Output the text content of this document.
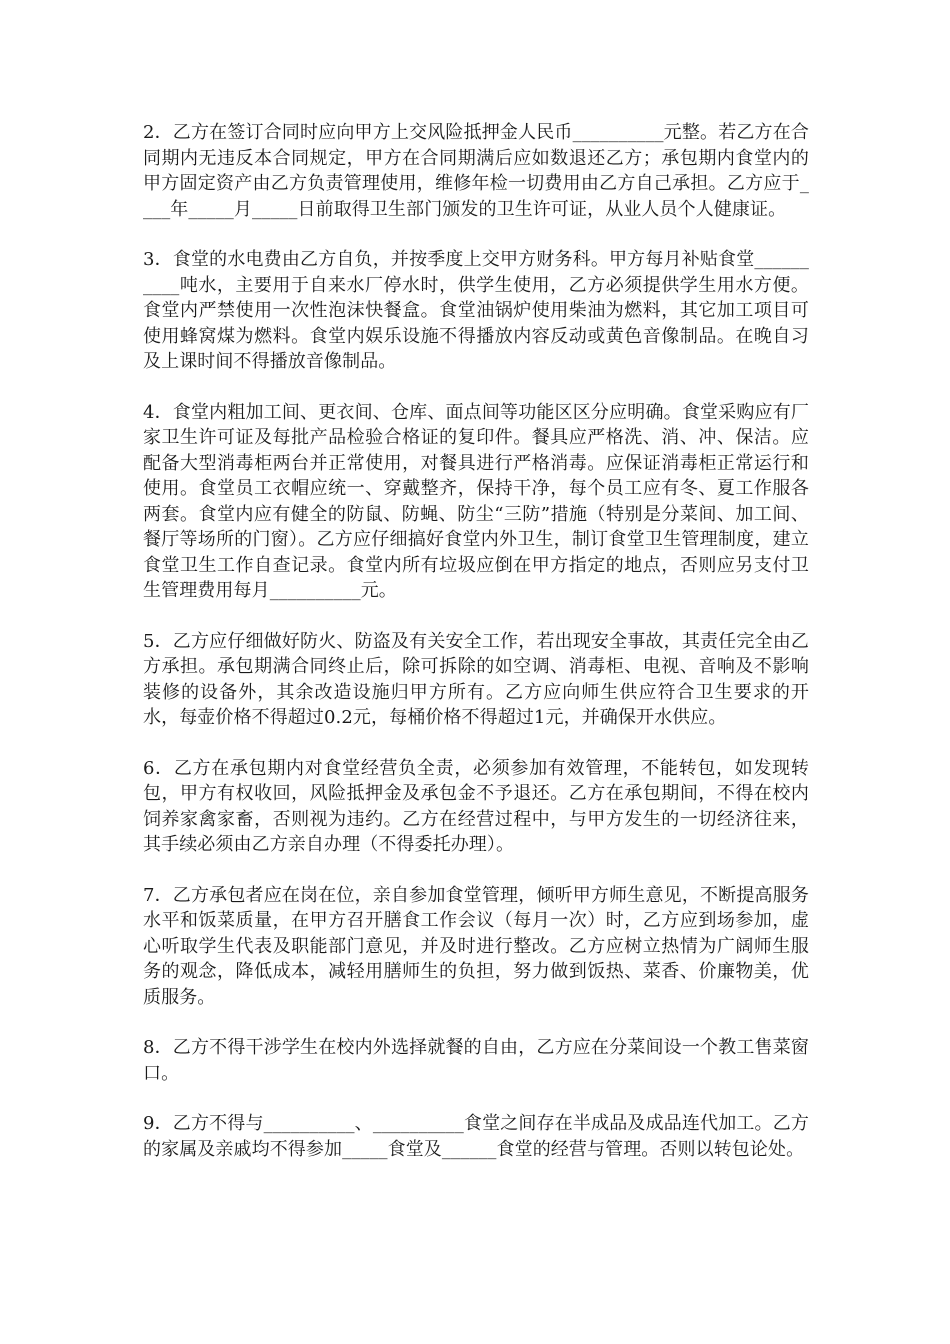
2．乙方在签订合同时应向甲方上交风险抵押金人民币__________元整。若乙方在合同期内无违反本合同规定，甲方在合同期满后应如数退还乙方；承包期内食堂内的甲方固定资产由乙方负责管理使用，维修年检一切费用由乙方自己承担。乙方应于____年_____月_____日前取得卫生部门颁发的卫生许可证，从业人员个人健康证。

3．食堂的水电费由乙方自负，并按季度上交甲方财务科。甲方每月补贴食堂__________吨水，主要用于自来水厂停水时，供学生使用，乙方必须提供学生用水方便。食堂内严禁使用一次性泡沫快餐盒。食堂油锅炉使用柴油为燃料，其它加工项目可使用蜂窝煤为燃料。食堂内娱乐设施不得播放内容反动或黄色音像制品。在晚自习及上课时间不得播放音像制品。

4．食堂内粗加工间、更衣间、仓库、面点间等功能区区分应明确。食堂采购应有厂家卫生许可证及每批产品检验合格证的复印件。餐具应严格洗、消、冲、保洁。应配备大型消毒柜两台并正常使用，对餐具进行严格消毒。应保证消毒柜正常运行和使用。食堂员工衣帽应统一、穿戴整齐，保持干净，每个员工应有冬、夏工作服各两套。食堂内应有健全的防鼠、防蝇、防尘“三防”措施（特别是分菜间、加工间、餐厅等场所的门窗）。乙方应仔细搞好食堂内外卫生，制订食堂卫生管理制度，建立食堂卫生工作自查记录。食堂内所有垃圾应倒在甲方指定的地点，否则应另支付卫生管理费用每月__________元。

5．乙方应仔细做好防火、防盗及有关安全工作，若出现安全事故，其责任完全由乙方承担。承包期满合同终止后，除可拆除的如空调、消毒柜、电视、音响及不影响装修的设备外，其余改造设施归甲方所有。乙方应向师生供应符合卫生要求的开水，每壶价格不得超过0.2元，每桶价格不得超过1元，并确保开水供应。

6．乙方在承包期内对食堂经营负全责，必须参加有效管理，不能转包，如发现转包，甲方有权收回，风险抵押金及承包金不予退还。乙方在承包期间，不得在校内饲养家禽家畜，否则视为违约。乙方在经营过程中，与甲方发生的一切经济往来，其手续必须由乙方亲自办理（不得委托办理）。

7．乙方承包者应在岗在位，亲自参加食堂管理，倾听甲方师生意见，不断提高服务水平和饭菜质量，在甲方召开膳食工作会议（每月一次）时，乙方应到场参加，虚心听取学生代表及职能部门意见，并及时进行整改。乙方应树立热情为广阔师生服务的观念，降低成本，减轻用膳师生的负担，努力做到饭热、菜香、价廉物美，优质服务。

8．乙方不得干涉学生在校内外选择就餐的自由，乙方应在分菜间设一个教工售菜窗口。

9．乙方不得与__________、__________食堂之间存在半成品及成品连代加工。乙方的家属及亲戚均不得参加_____食堂及______食堂的经营与管理。否则以转包论处。
